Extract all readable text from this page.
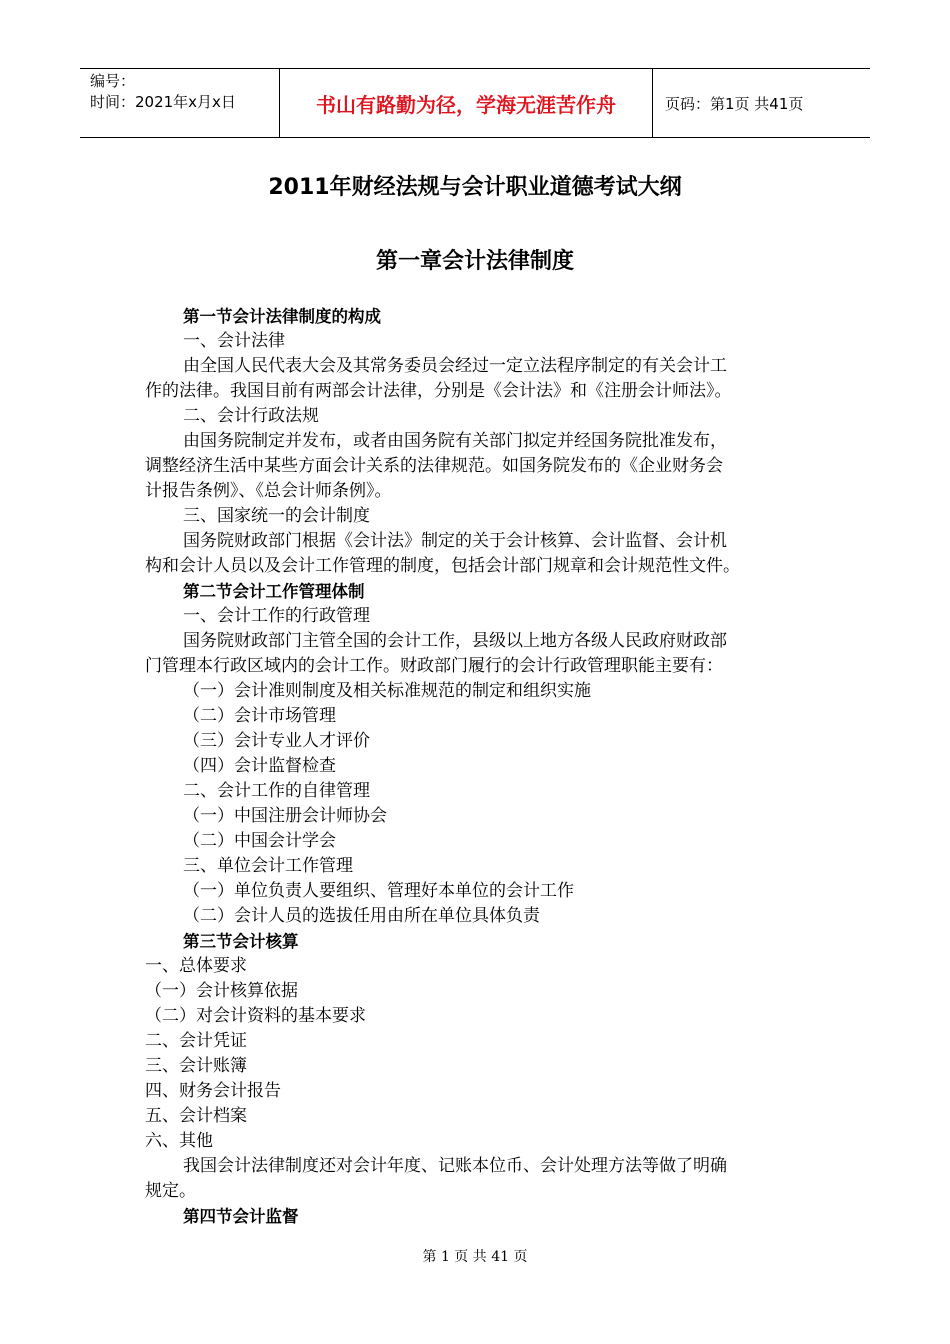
编号：
时间：2021年x月x日	书山有路勤为径，学海无涯苦作舟	页码：第1页 共41页
2011年财经法规与会计职业道德考试大纲
第一章会计法律制度
第一节会计法律制度的构成
一、会计法律
由全国人民代表大会及其常务委员会经过一定立法程序制定的有关会计工
作的法律。我国目前有两部会计法律，分别是《会计法》和《注册会计师法》。
二、会计行政法规
由国务院制定并发布，或者由国务院有关部门拟定并经国务院批准发布，
调整经济生活中某些方面会计关系的法律规范。如国务院发布的《企业财务会
计报告条例》、《总会计师条例》。
三、国家统一的会计制度
国务院财政部门根据《会计法》制定的关于会计核算、会计监督、会计机
构和会计人员以及会计工作管理的制度，包括会计部门规章和会计规范性文件。
第二节会计工作管理体制
一、会计工作的行政管理
国务院财政部门主管全国的会计工作，县级以上地方各级人民政府财政部
门管理本行政区域内的会计工作。财政部门履行的会计行政管理职能主要有：
（一）会计准则制度及相关标准规范的制定和组织实施
（二）会计市场管理
（三）会计专业人才评价
（四）会计监督检查
二、会计工作的自律管理
（一）中国注册会计师协会
（二）中国会计学会
三、单位会计工作管理
（一）单位负责人要组织、管理好本单位的会计工作
（二）会计人员的选拔任用由所在单位具体负责
第三节会计核算
一、总体要求
（一）会计核算依据
（二）对会计资料的基本要求
二、会计凭证
三、会计账簿
四、财务会计报告
五、会计档案
六、其他
我国会计法律制度还对会计年度、记账本位币、会计处理方法等做了明确
规定。
第四节会计监督
第 1 页 共 41 页
